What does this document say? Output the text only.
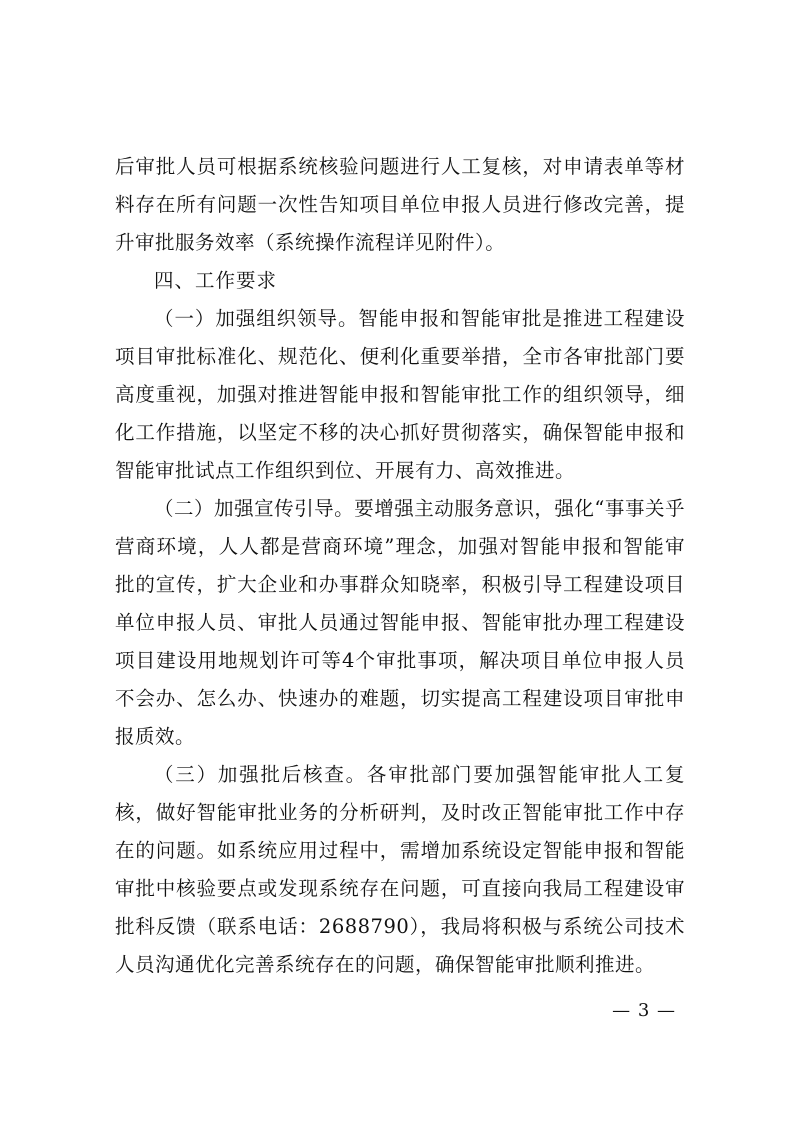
后审批人员可根据系统核验问题进行人工复核，对申请表单等材料存在所有问题一次性告知项目单位申报人员进行修改完善，提升审批服务效率（系统操作流程详见附件）。

四、工作要求

（一）加强组织领导。智能申报和智能审批是推进工程建设项目审批标准化、规范化、便利化重要举措，全市各审批部门要高度重视，加强对推进智能申报和智能审批工作的组织领导，细化工作措施，以坚定不移的决心抓好贯彻落实，确保智能申报和智能审批试点工作组织到位、开展有力、高效推进。

（二）加强宣传引导。要增强主动服务意识，强化“事事关乎营商环境，人人都是营商环境”理念，加强对智能申报和智能审批的宣传，扩大企业和办事群众知晓率，积极引导工程建设项目单位申报人员、审批人员通过智能申报、智能审批办理工程建设项目建设用地规划许可等4个审批事项，解决项目单位申报人员不会办、怎么办、快速办的难题，切实提高工程建设项目审批申报质效。

（三）加强批后核查。各审批部门要加强智能审批人工复核，做好智能审批业务的分析研判，及时改正智能审批工作中存在的问题。如系统应用过程中，需增加系统设定智能申报和智能审批中核验要点或发现系统存在问题，可直接向我局工程建设审批科反馈（联系电话：2688790），我局将积极与系统公司技术人员沟通优化完善系统存在的问题，确保智能审批顺利推进。

— 3 —
